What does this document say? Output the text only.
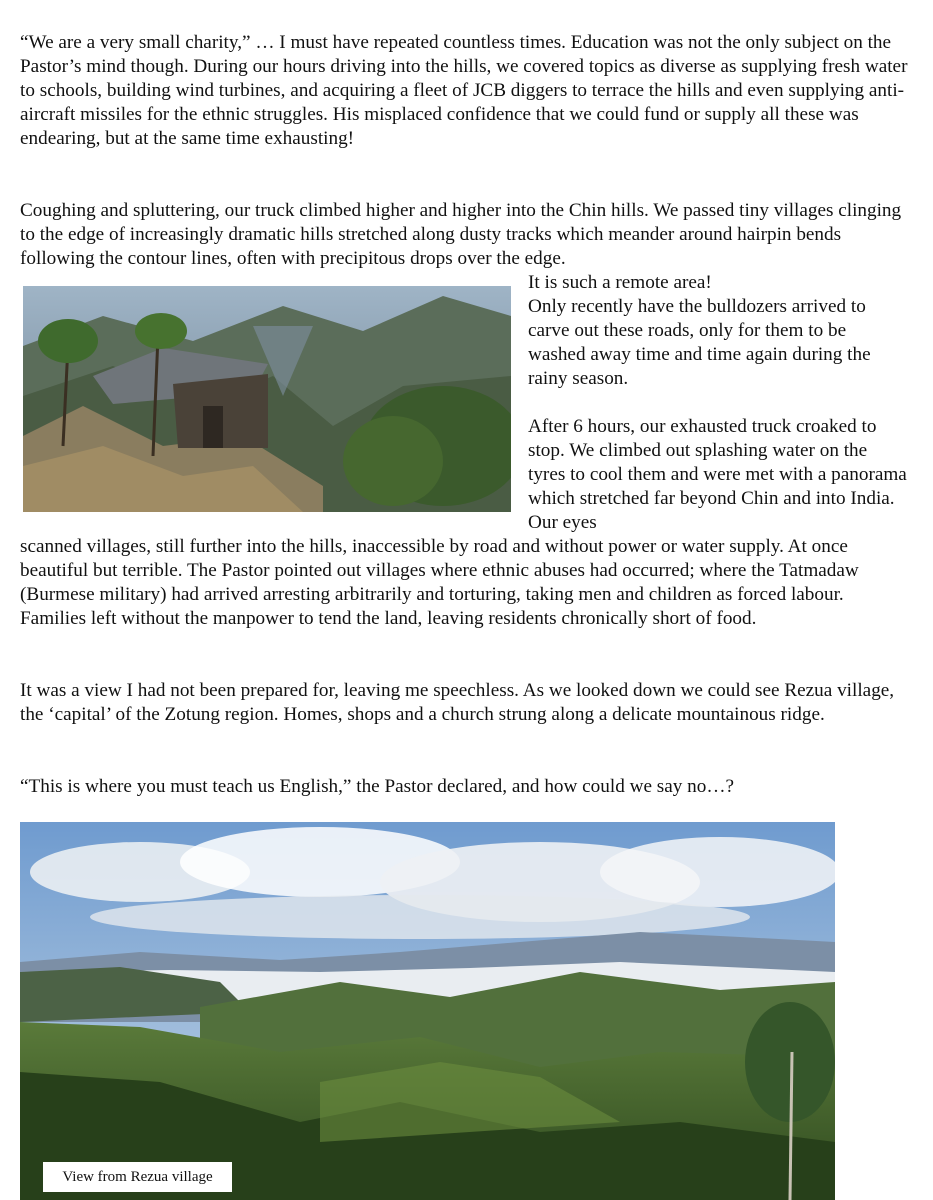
“We are a very small charity,” … I must have repeated countless times. Education was not the only subject on the Pastor’s mind though. During our hours driving into the hills, we covered topics as diverse as supplying fresh water to schools, building wind turbines, and acquiring a fleet of JCB diggers to terrace the hills and even supplying anti-aircraft missiles for the ethnic struggles. His misplaced confidence that we could fund or supply all these was endearing, but at the same time exhausting!

Coughing and spluttering, our truck climbed higher and higher into the Chin hills. We passed tiny villages clinging to the edge of increasingly dramatic hills stretched along dusty tracks which meander around hairpin bends following the contour lines, often with precipitous drops over the edge.

It is such a remote area!

Only recently have the bulldozers arrived to carve out these roads, only for them to be washed away time and time again during the rainy season.

After 6 hours, our exhausted truck croaked to stop. We climbed out splashing water on the tyres to cool them and were met with a panorama which stretched far beyond Chin and into India. Our eyes

scanned villages, still further into the hills, inaccessible by road and without power or water supply. At once beautiful but terrible. The Pastor pointed out villages where ethnic abuses had occurred; where the Tatmadaw (Burmese military) had arrived arresting arbitrarily and torturing, taking men and children as forced labour. Families left without the manpower to tend the land, leaving residents chronically short of food.

It was a view I had not been prepared for, leaving me speechless. As we looked down we could see Rezua village, the ‘capital’ of the Zotung region. Homes, shops and a church strung along a delicate mountainous ridge.

“This is where you must teach us English,” the Pastor declared, and how could we say no…?

View from Rezua village
